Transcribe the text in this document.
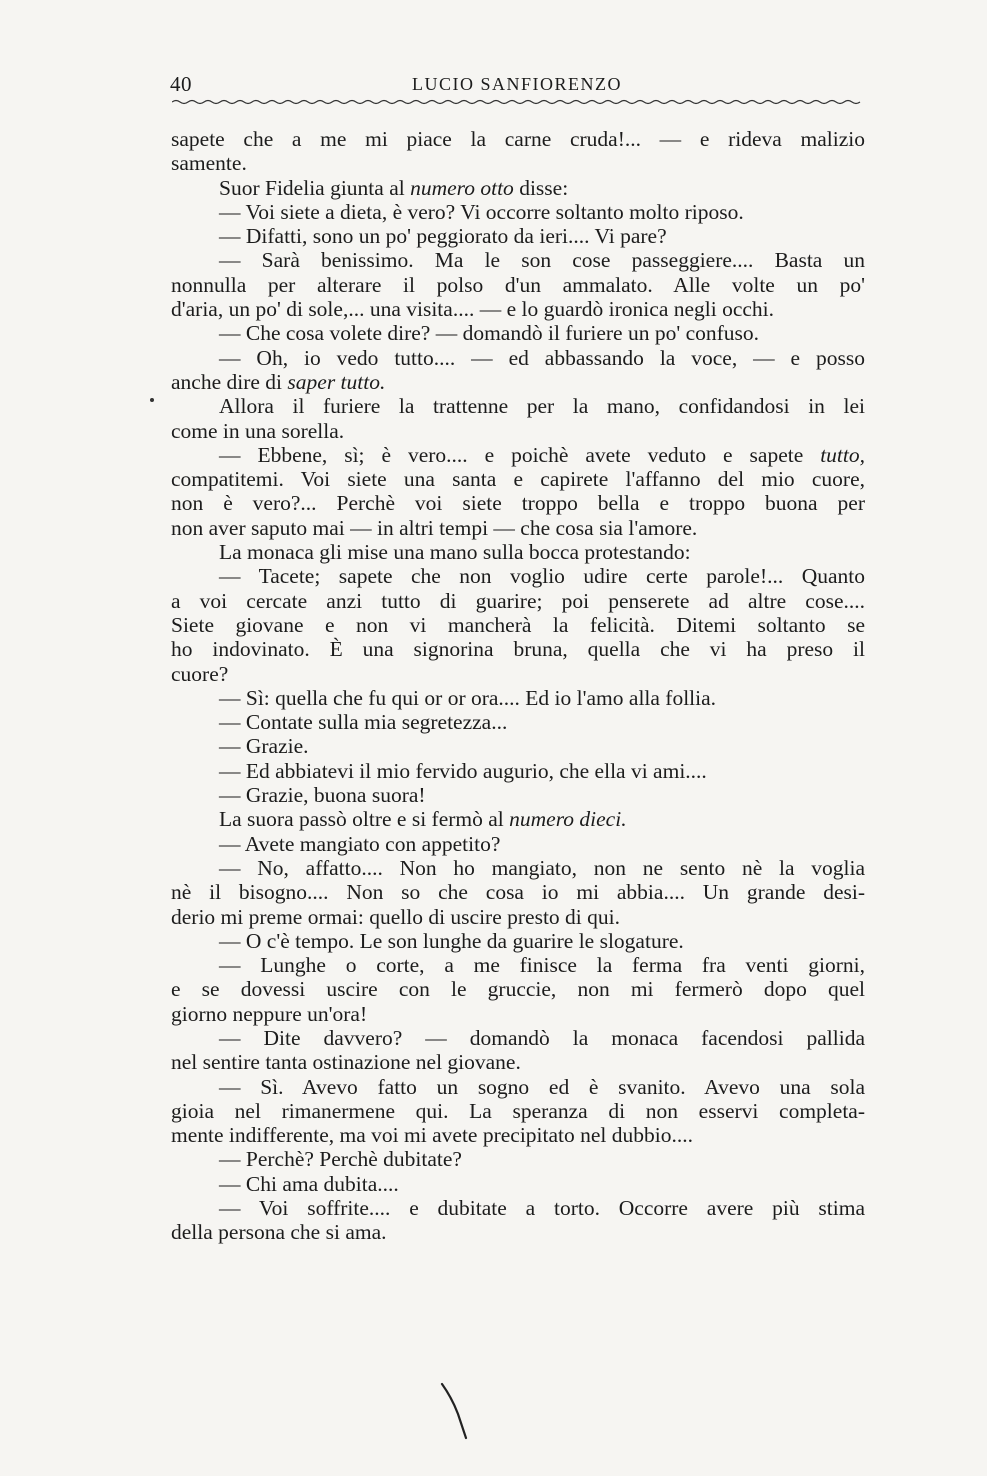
40	LUCIO SANFIORENZO
sapete che a me mi piace la carne cruda!... — e rideva malizio
samente.
Suor Fidelia giunta al numero otto disse:
— Voi siete a dieta, è vero? Vi occorre soltanto molto riposo.
— Difatti, sono un po' peggiorato da ieri.... Vi pare?
— Sarà benissimo. Ma le son cose passeggiere.... Basta un
nonnulla per alterare il polso d'un ammalato. Alle volte un po'
d'aria, un po' di sole,... una visita.... — e lo guardò ironica negli occhi.
— Che cosa volete dire? — domandò il furiere un po' confuso.
— Oh, io vedo tutto.... — ed abbassando la voce, — e posso
anche dire di saper tutto.
Allora il furiere la trattenne per la mano, confidandosi in lei
come in una sorella.
— Ebbene, sì; è vero.... e poichè avete veduto e sapete tutto,
compatitemi. Voi siete una santa e capirete l'affanno del mio cuore,
non è vero?... Perchè voi siete troppo bella e troppo buona per
non aver saputo mai — in altri tempi — che cosa sia l'amore.
La monaca gli mise una mano sulla bocca protestando:
— Tacete; sapete che non voglio udire certe parole!... Quanto
a voi cercate anzi tutto di guarire; poi penserete ad altre cose....
Siete giovane e non vi mancherà la felicità. Ditemi soltanto se
ho indovinato. È una signorina bruna, quella che vi ha preso il
cuore?
— Sì: quella che fu qui or or ora.... Ed io l'amo alla follia.
— Contate sulla mia segretezza...
— Grazie.
— Ed abbiatevi il mio fervido augurio, che ella vi ami....
— Grazie, buona suora!
La suora passò oltre e si fermò al numero dieci.
— Avete mangiato con appetito?
— No, affatto.... Non ho mangiato, non ne sento nè la voglia
nè il bisogno.... Non so che cosa io mi abbia.... Un grande desi-
derio mi preme ormai: quello di uscire presto di qui.
— O c'è tempo. Le son lunghe da guarire le slogature.
— Lunghe o corte, a me finisce la ferma fra venti giorni,
e se dovessi uscire con le gruccie, non mi fermerò dopo quel
giorno neppure un'ora!
— Dite davvero? — domandò la monaca facendosi pallida
nel sentire tanta ostinazione nel giovane.
— Sì. Avevo fatto un sogno ed è svanito. Avevo una sola
gioia nel rimanermene qui. La speranza di non esservi completa-
mente indifferente, ma voi mi avete precipitato nel dubbio....
— Perchè? Perchè dubitate?
— Chi ama dubita....
— Voi soffrite.... e dubitate a torto. Occorre avere più stima
della persona che si ama.
